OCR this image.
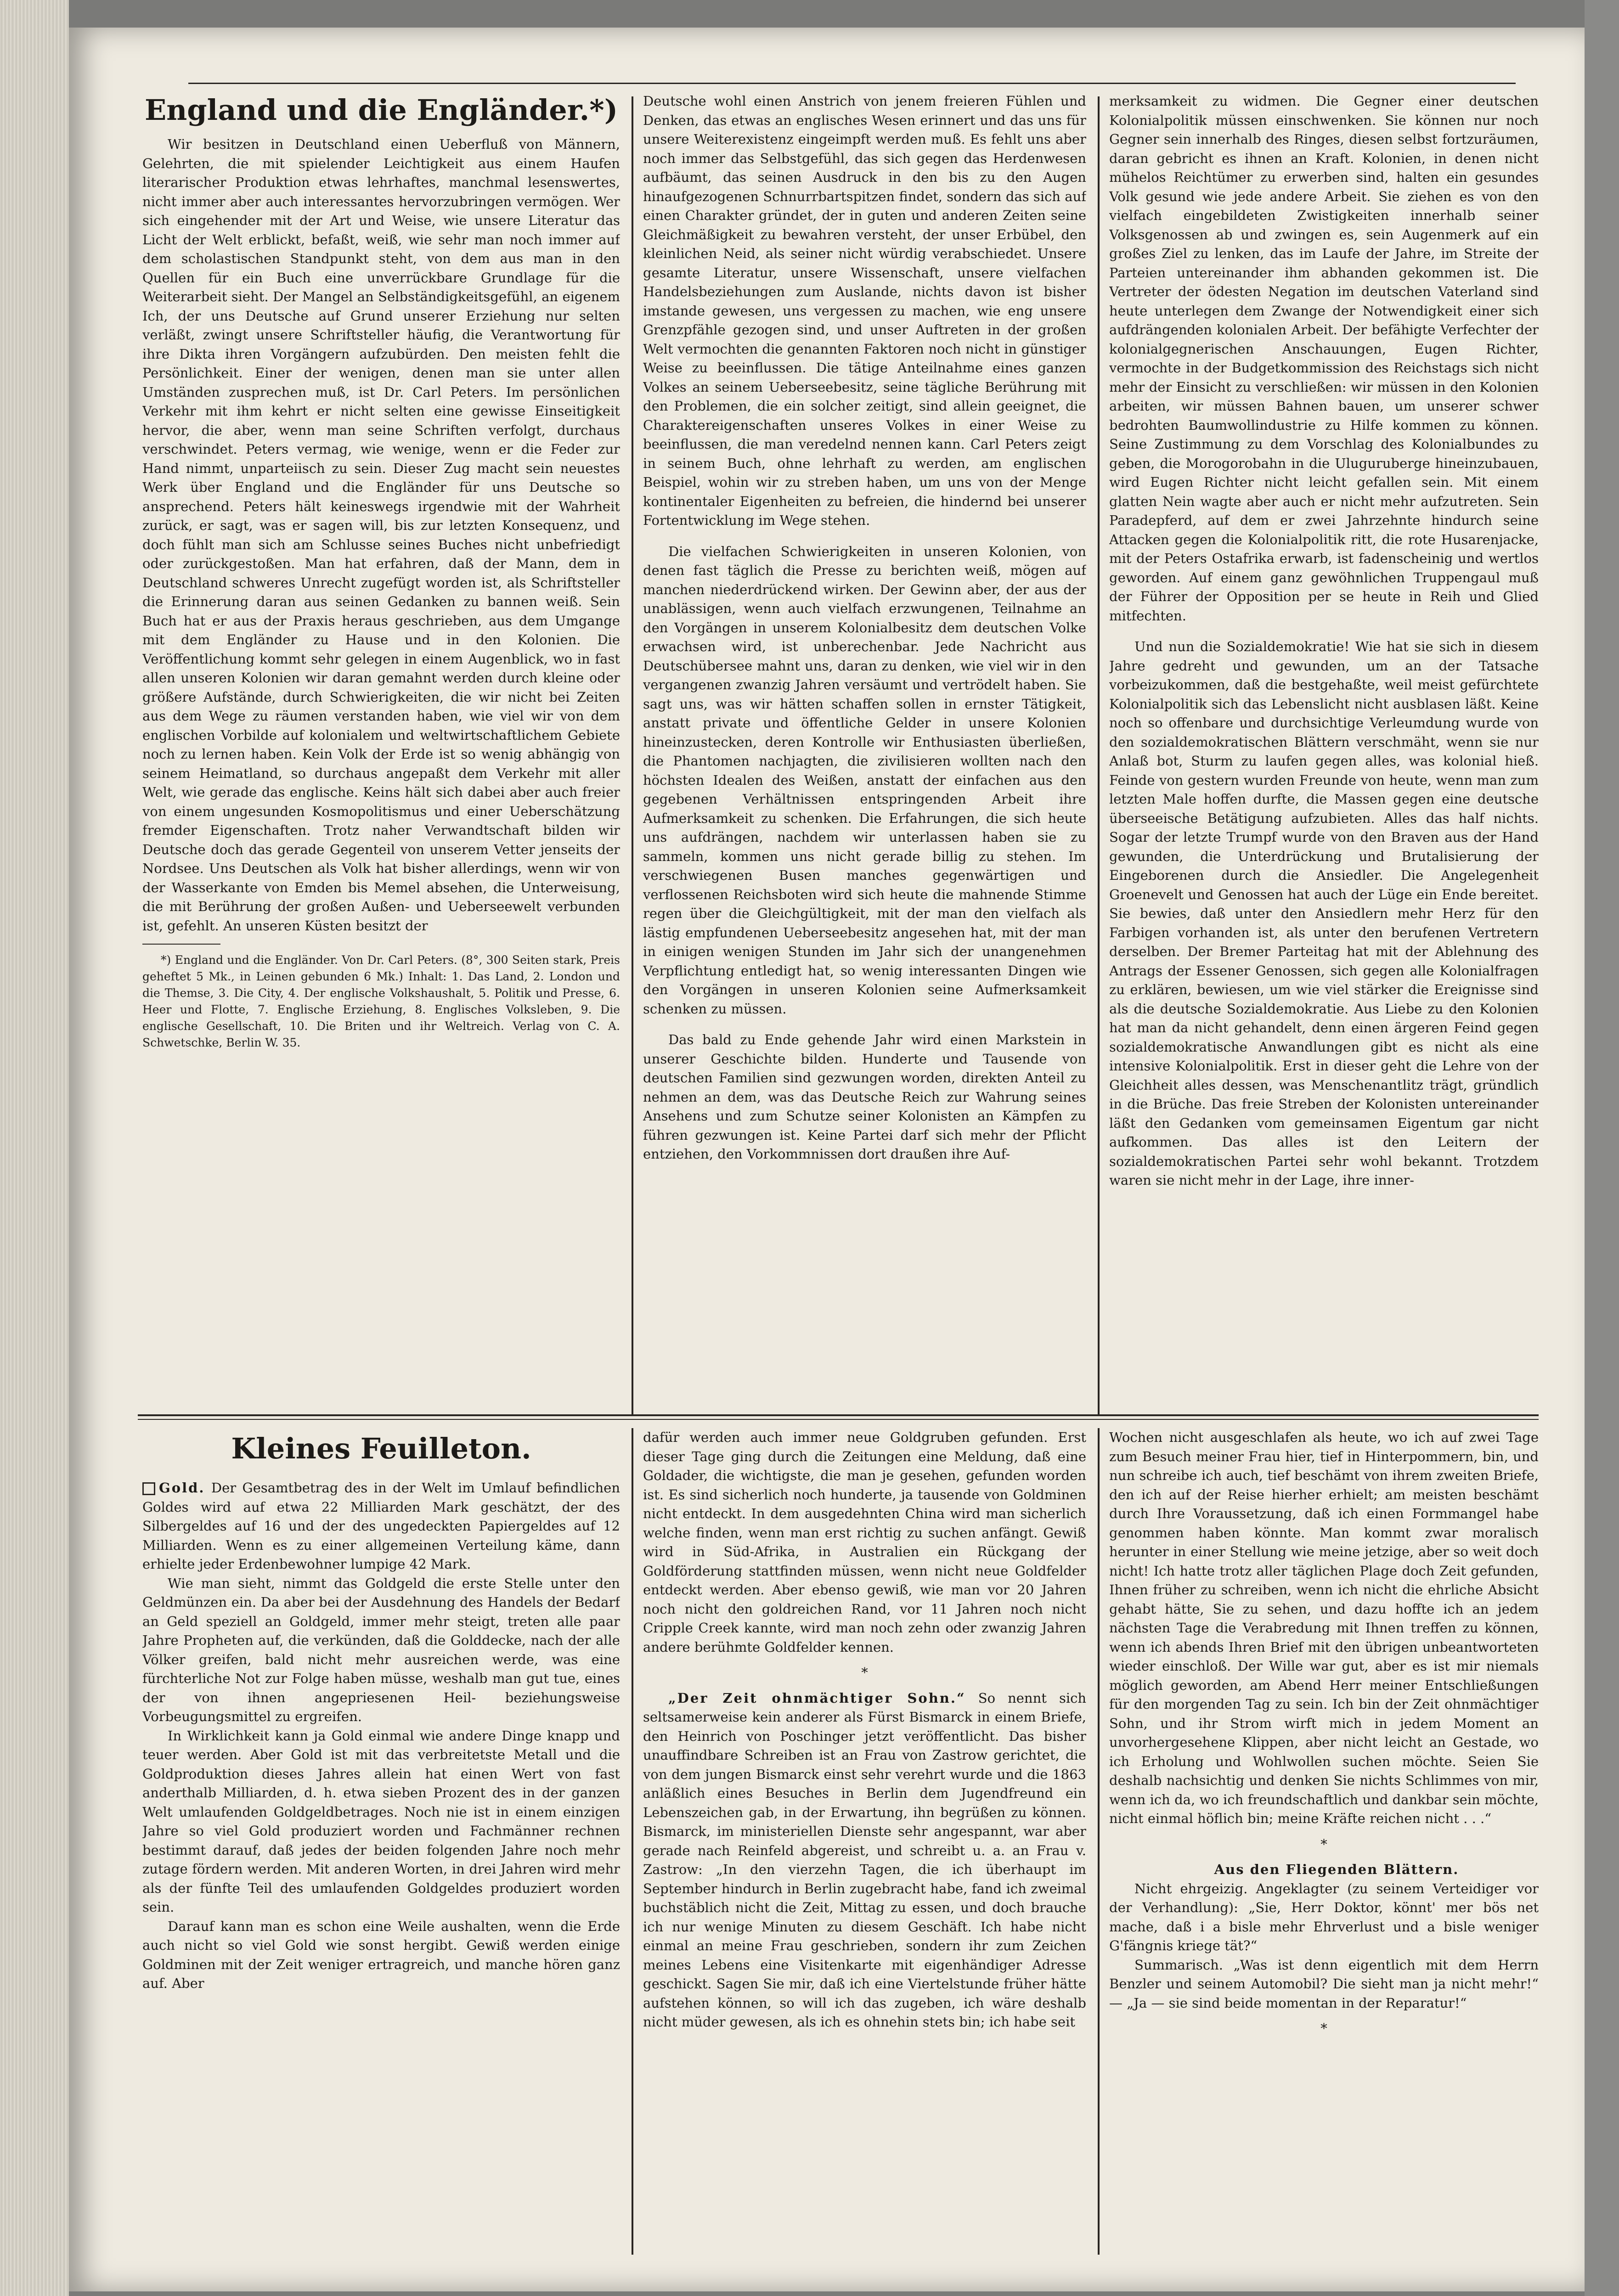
England und die Engländer.*)

Wir besitzen in Deutschland einen Ueberfluß von Männern, Gelehrten, die mit spielender Leichtigkeit aus einem Haufen literarischer Produktion etwas lehrhaftes, manchmal lesenswertes, nicht immer aber auch interessantes hervorzubringen vermögen. Wer sich eingehender mit der Art und Weise, wie unsere Literatur das Licht der Welt erblickt, befaßt, weiß, wie sehr man noch immer auf dem scholastischen Standpunkt steht, von dem aus man in den Quellen für ein Buch eine unverrückbare Grundlage für die Weiterarbeit sieht. Der Mangel an Selbständigkeitsgefühl, an eigenem Ich, der uns Deutsche auf Grund unserer Erziehung nur selten verläßt, zwingt unsere Schriftsteller häufig, die Verantwortung für ihre Dikta ihren Vorgängern aufzubürden. Den meisten fehlt die Persönlichkeit. Einer der wenigen, denen man sie unter allen Umständen zusprechen muß, ist Dr. Carl Peters. Im persönlichen Verkehr mit ihm kehrt er nicht selten eine gewisse Einseitigkeit hervor, die aber, wenn man seine Schriften verfolgt, durchaus verschwindet. Peters vermag, wie wenige, wenn er die Feder zur Hand nimmt, unparteiisch zu sein. Dieser Zug macht sein neuestes Werk über England und die Engländer für uns Deutsche so ansprechend. Peters hält keineswegs irgendwie mit der Wahrheit zurück, er sagt, was er sagen will, bis zur letzten Konsequenz, und doch fühlt man sich am Schlusse seines Buches nicht unbefriedigt oder zurückgestoßen. Man hat erfahren, daß der Mann, dem in Deutschland schweres Unrecht zugefügt worden ist, als Schriftsteller die Erinnerung daran aus seinen Gedanken zu bannen weiß. Sein Buch hat er aus der Praxis heraus geschrieben, aus dem Umgange mit dem Engländer zu Hause und in den Kolonien. Die Veröffentlichung kommt sehr gelegen in einem Augenblick, wo in fast allen unseren Kolonien wir daran gemahnt werden durch kleine oder größere Aufstände, durch Schwierigkeiten, die wir nicht bei Zeiten aus dem Wege zu räumen verstanden haben, wie viel wir von dem englischen Vorbilde auf kolonialem und weltwirtschaftlichem Gebiete noch zu lernen haben. Kein Volk der Erde ist so wenig abhängig von seinem Heimatland, so durchaus angepaßt dem Verkehr mit aller Welt, wie gerade das englische. Keins hält sich dabei aber auch freier von einem ungesunden Kosmopolitismus und einer Ueberschätzung fremder Eigenschaften. Trotz naher Verwandtschaft bilden wir Deutsche doch das gerade Gegenteil von unserem Vetter jenseits der Nordsee. Uns Deutschen als Volk hat bisher allerdings, wenn wir von der Wasserkante von Emden bis Memel absehen, die Unterweisung, die mit Berührung der großen Außen- und Ueberseewelt verbunden ist, gefehlt. An unseren Küsten besitzt der

*) England und die Engländer. Von Dr. Carl Peters. (8°, 300 Seiten stark, Preis geheftet 5 Mk., in Leinen gebunden 6 Mk.) Inhalt: 1. Das Land, 2. London und die Themse, 3. Die City, 4. Der englische Volkshaushalt, 5. Politik und Presse, 6. Heer und Flotte, 7. Englische Erziehung, 8. Englisches Volksleben, 9. Die englische Gesellschaft, 10. Die Briten und ihr Weltreich. Verlag von C. A. Schwetschke, Berlin W. 35.

Deutsche wohl einen Anstrich von jenem freieren Fühlen und Denken, das etwas an englisches Wesen erinnert und das uns für unsere Weiterexistenz eingeimpft werden muß. Es fehlt uns aber noch immer das Selbstgefühl, das sich gegen das Herdenwesen aufbäumt, das seinen Ausdruck in den bis zu den Augen hinaufgezogenen Schnurrbartspitzen findet, sondern das sich auf einen Charakter gründet, der in guten und anderen Zeiten seine Gleichmäßigkeit zu bewahren versteht, der unser Erbübel, den kleinlichen Neid, als seiner nicht würdig verabschiedet. Unsere gesamte Literatur, unsere Wissenschaft, unsere vielfachen Handelsbeziehungen zum Auslande, nichts davon ist bisher imstande gewesen, uns vergessen zu machen, wie eng unsere Grenzpfähle gezogen sind, und unser Auftreten in der großen Welt vermochten die genannten Faktoren noch nicht in günstiger Weise zu beeinflussen. Die tätige Anteilnahme eines ganzen Volkes an seinem Ueberseebesitz, seine tägliche Berührung mit den Problemen, die ein solcher zeitigt, sind allein geeignet, die Charaktereigenschaften unseres Volkes in einer Weise zu beeinflussen, die man veredelnd nennen kann. Carl Peters zeigt in seinem Buch, ohne lehrhaft zu werden, am englischen Beispiel, wohin wir zu streben haben, um uns von der Menge kontinentaler Eigenheiten zu befreien, die hindernd bei unserer Fortentwicklung im Wege stehen.

Die vielfachen Schwierigkeiten in unseren Kolonien, von denen fast täglich die Presse zu berichten weiß, mögen auf manchen niederdrückend wirken. Der Gewinn aber, der aus der unablässigen, wenn auch vielfach erzwungenen, Teilnahme an den Vorgängen in unserem Kolonialbesitz dem deutschen Volke erwachsen wird, ist unberechenbar. Jede Nachricht aus Deutschübersee mahnt uns, daran zu denken, wie viel wir in den vergangenen zwanzig Jahren versäumt und vertrödelt haben. Sie sagt uns, was wir hätten schaffen sollen in ernster Tätigkeit, anstatt private und öffentliche Gelder in unsere Kolonien hineinzustecken, deren Kontrolle wir Enthusiasten überließen, die Phantomen nachjagten, die zivilisieren wollten nach den höchsten Idealen des Weißen, anstatt der einfachen aus den gegebenen Verhältnissen entspringenden Arbeit ihre Aufmerksamkeit zu schenken. Die Erfahrungen, die sich heute uns aufdrängen, nachdem wir unterlassen haben sie zu sammeln, kommen uns nicht gerade billig zu stehen. Im verschwiegenen Busen manches gegenwärtigen und verflossenen Reichsboten wird sich heute die mahnende Stimme regen über die Gleichgültigkeit, mit der man den vielfach als lästig empfundenen Ueberseebesitz angesehen hat, mit der man in einigen wenigen Stunden im Jahr sich der unangenehmen Verpflichtung entledigt hat, so wenig interessanten Dingen wie den Vorgängen in unseren Kolonien seine Aufmerksamkeit schenken zu müssen.

Das bald zu Ende gehende Jahr wird einen Markstein in unserer Geschichte bilden. Hunderte und Tausende von deutschen Familien sind gezwungen worden, direkten Anteil zu nehmen an dem, was das Deutsche Reich zur Wahrung seines Ansehens und zum Schutze seiner Kolonisten an Kämpfen zu führen gezwungen ist. Keine Partei darf sich mehr der Pflicht entziehen, den Vorkommnissen dort draußen ihre Auf-

merksamkeit zu widmen. Die Gegner einer deutschen Kolonialpolitik müssen einschwenken. Sie können nur noch Gegner sein innerhalb des Ringes, diesen selbst fortzuräumen, daran gebricht es ihnen an Kraft. Kolonien, in denen nicht mühelos Reichtümer zu erwerben sind, halten ein gesundes Volk gesund wie jede andere Arbeit. Sie ziehen es von den vielfach eingebildeten Zwistigkeiten innerhalb seiner Volksgenossen ab und zwingen es, sein Augenmerk auf ein großes Ziel zu lenken, das im Laufe der Jahre, im Streite der Parteien untereinander ihm abhanden gekommen ist. Die Vertreter der ödesten Negation im deutschen Vaterland sind heute unterlegen dem Zwange der Notwendigkeit einer sich aufdrängenden kolonialen Arbeit. Der befähigte Verfechter der kolonialgegnerischen Anschauungen, Eugen Richter, vermochte in der Budgetkommission des Reichstags sich nicht mehr der Einsicht zu verschließen: wir müssen in den Kolonien arbeiten, wir müssen Bahnen bauen, um unserer schwer bedrohten Baumwollindustrie zu Hilfe kommen zu können. Seine Zustimmung zu dem Vorschlag des Kolonialbundes zu geben, die Morogorobahn in die Uluguruberge hineinzubauen, wird Eugen Richter nicht leicht gefallen sein. Mit einem glatten Nein wagte aber auch er nicht mehr aufzutreten. Sein Paradepferd, auf dem er zwei Jahrzehnte hindurch seine Attacken gegen die Kolonialpolitik ritt, die rote Husarenjacke, mit der Peters Ostafrika erwarb, ist fadenscheinig und wertlos geworden. Auf einem ganz gewöhnlichen Truppengaul muß der Führer der Opposition per se heute in Reih und Glied mitfechten.

Und nun die Sozialdemokratie! Wie hat sie sich in diesem Jahre gedreht und gewunden, um an der Tatsache vorbeizukommen, daß die bestgehaßte, weil meist gefürchtete Kolonialpolitik sich das Lebenslicht nicht ausblasen läßt. Keine noch so offenbare und durchsichtige Verleumdung wurde von den sozialdemokratischen Blättern verschmäht, wenn sie nur Anlaß bot, Sturm zu laufen gegen alles, was kolonial hieß. Feinde von gestern wurden Freunde von heute, wenn man zum letzten Male hoffen durfte, die Massen gegen eine deutsche überseeische Betätigung aufzubieten. Alles das half nichts. Sogar der letzte Trumpf wurde von den Braven aus der Hand gewunden, die Unterdrückung und Brutalisierung der Eingeborenen durch die Ansiedler. Die Angelegenheit Groenevelt und Genossen hat auch der Lüge ein Ende bereitet. Sie bewies, daß unter den Ansiedlern mehr Herz für den Farbigen vorhanden ist, als unter den berufenen Vertretern derselben. Der Bremer Parteitag hat mit der Ablehnung des Antrags der Essener Genossen, sich gegen alle Kolonialfragen zu erklären, bewiesen, um wie viel stärker die Ereignisse sind als die deutsche Sozialdemokratie. Aus Liebe zu den Kolonien hat man da nicht gehandelt, denn einen ärgeren Feind gegen sozialdemokratische Anwandlungen gibt es nicht als eine intensive Kolonialpolitik. Erst in dieser geht die Lehre von der Gleichheit alles dessen, was Menschenantlitz trägt, gründlich in die Brüche. Das freie Streben der Kolonisten untereinander läßt den Gedanken vom gemeinsamen Eigentum gar nicht aufkommen. Das alles ist den Leitern der sozialdemokratischen Partei sehr wohl bekannt. Trotzdem waren sie nicht mehr in der Lage, ihre inner-

Kleines Feuilleton.

Gold. Der Gesamtbetrag des in der Welt im Umlauf befindlichen Goldes wird auf etwa 22 Milliarden Mark geschätzt, der des Silbergeldes auf 16 und der des ungedeckten Papiergeldes auf 12 Milliarden. Wenn es zu einer allgemeinen Verteilung käme, dann erhielte jeder Erdenbewohner lumpige 42 Mark.

Wie man sieht, nimmt das Goldgeld die erste Stelle unter den Geldmünzen ein. Da aber bei der Ausdehnung des Handels der Bedarf an Geld speziell an Goldgeld, immer mehr steigt, treten alle paar Jahre Propheten auf, die verkünden, daß die Golddecke, nach der alle Völker greifen, bald nicht mehr ausreichen werde, was eine fürchterliche Not zur Folge haben müsse, weshalb man gut tue, eines der von ihnen angepriesenen Heil- beziehungsweise Vorbeugungsmittel zu ergreifen.

In Wirklichkeit kann ja Gold einmal wie andere Dinge knapp und teuer werden. Aber Gold ist mit das verbreitetste Metall und die Goldproduktion dieses Jahres allein hat einen Wert von fast anderthalb Milliarden, d. h. etwa sieben Prozent des in der ganzen Welt umlaufenden Goldgeldbetrages. Noch nie ist in einem einzigen Jahre so viel Gold produziert worden und Fachmänner rechnen bestimmt darauf, daß jedes der beiden folgenden Jahre noch mehr zutage fördern werden. Mit anderen Worten, in drei Jahren wird mehr als der fünfte Teil des umlaufenden Goldgeldes produziert worden sein.

Darauf kann man es schon eine Weile aushalten, wenn die Erde auch nicht so viel Gold wie sonst hergibt. Gewiß werden einige Goldminen mit der Zeit weniger ertragreich, und manche hören ganz auf. Aber

dafür werden auch immer neue Goldgruben gefunden. Erst dieser Tage ging durch die Zeitungen eine Meldung, daß eine Goldader, die wichtigste, die man je gesehen, gefunden worden ist. Es sind sicherlich noch hunderte, ja tausende von Goldminen nicht entdeckt. In dem ausgedehnten China wird man sicherlich welche finden, wenn man erst richtig zu suchen anfängt. Gewiß wird in Süd-Afrika, in Australien ein Rückgang der Goldförderung stattfinden müssen, wenn nicht neue Goldfelder entdeckt werden. Aber ebenso gewiß, wie man vor 20 Jahren noch nicht den goldreichen Rand, vor 11 Jahren noch nicht Cripple Creek kannte, wird man noch zehn oder zwanzig Jahren andere berühmte Goldfelder kennen.

*

„Der Zeit ohnmächtiger Sohn.“ So nennt sich seltsamerweise kein anderer als Fürst Bismarck in einem Briefe, den Heinrich von Poschinger jetzt veröffentlicht. Das bisher unauffindbare Schreiben ist an Frau von Zastrow gerichtet, die von dem jungen Bismarck einst sehr verehrt wurde und die 1863 anläßlich eines Besuches in Berlin dem Jugendfreund ein Lebenszeichen gab, in der Erwartung, ihn begrüßen zu können. Bismarck, im ministeriellen Dienste sehr angespannt, war aber gerade nach Reinfeld abgereist, und schreibt u. a. an Frau v. Zastrow: „In den vierzehn Tagen, die ich überhaupt im September hindurch in Berlin zugebracht habe, fand ich zweimal buchstäblich nicht die Zeit, Mittag zu essen, und doch brauche ich nur wenige Minuten zu diesem Geschäft. Ich habe nicht einmal an meine Frau geschrieben, sondern ihr zum Zeichen meines Lebens eine Visitenkarte mit eigenhändiger Adresse geschickt. Sagen Sie mir, daß ich eine Viertelstunde früher hätte aufstehen können, so will ich das zugeben, ich wäre deshalb nicht müder gewesen, als ich es ohnehin stets bin; ich habe seit

Wochen nicht ausgeschlafen als heute, wo ich auf zwei Tage zum Besuch meiner Frau hier, tief in Hinterpommern, bin, und nun schreibe ich auch, tief beschämt von ihrem zweiten Briefe, den ich auf der Reise hierher erhielt; am meisten beschämt durch Ihre Voraussetzung, daß ich einen Formmangel habe genommen haben könnte. Man kommt zwar moralisch herunter in einer Stellung wie meine jetzige, aber so weit doch nicht! Ich hatte trotz aller täglichen Plage doch Zeit gefunden, Ihnen früher zu schreiben, wenn ich nicht die ehrliche Absicht gehabt hätte, Sie zu sehen, und dazu hoffte ich an jedem nächsten Tage die Verabredung mit Ihnen treffen zu können, wenn ich abends Ihren Brief mit den übrigen unbeantworteten wieder einschloß. Der Wille war gut, aber es ist mir niemals möglich geworden, am Abend Herr meiner Entschließungen für den morgenden Tag zu sein. Ich bin der Zeit ohnmächtiger Sohn, und ihr Strom wirft mich in jedem Moment an unvorhergesehene Klippen, aber nicht leicht an Gestade, wo ich Erholung und Wohlwollen suchen möchte. Seien Sie deshalb nachsichtig und denken Sie nichts Schlimmes von mir, wenn ich da, wo ich freundschaftlich und dankbar sein möchte, nicht einmal höflich bin; meine Kräfte reichen nicht . . .“

*

Aus den Fliegenden Blättern.

Nicht ehrgeizig. Angeklagter (zu seinem Verteidiger vor der Verhandlung): „Sie, Herr Doktor, könnt' mer bös net mache, daß i a bisle mehr Ehrverlust und a bisle weniger G'fängnis kriege tät?“

Summarisch. „Was ist denn eigentlich mit dem Herrn Benzler und seinem Automobil? Die sieht man ja nicht mehr!“ — „Ja — sie sind beide momentan in der Reparatur!“

*
